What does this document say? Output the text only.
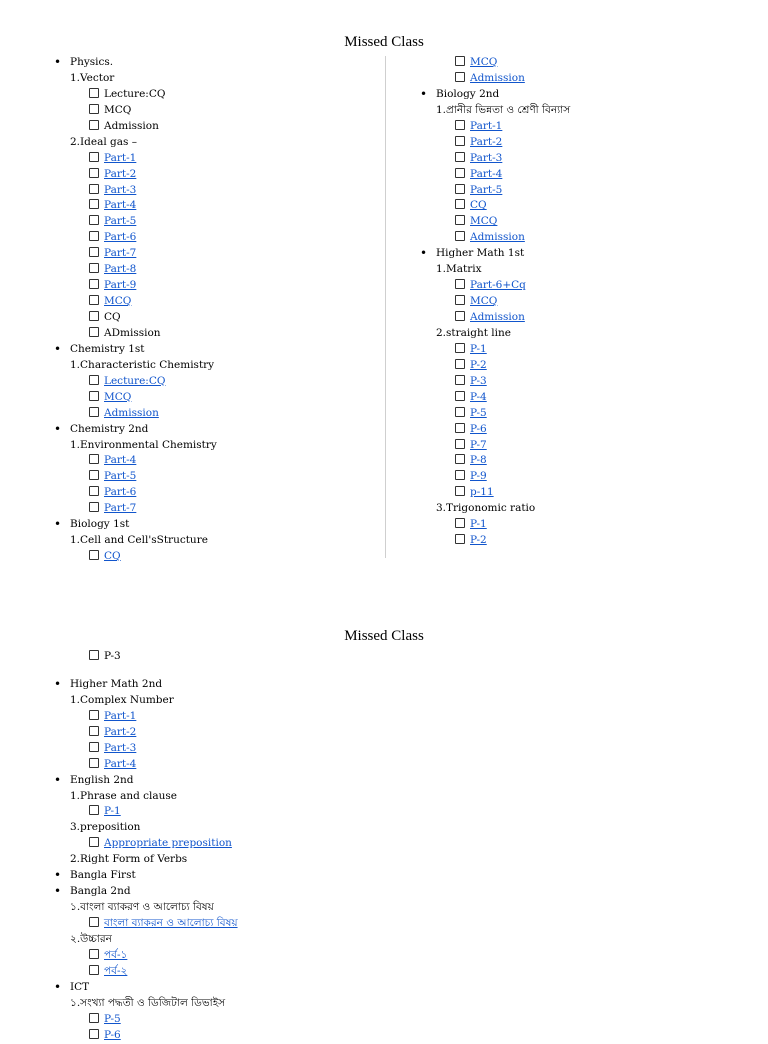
Missed Class
• Physics.
1.Vector
Lecture:CQ
MCQ
Admission
2.Ideal gas –
Part-1
Part-2
Part-3
Part-4
Part-5
Part-6
Part-7
Part-8
Part-9
MCQ
CQ
ADmission
• Chemistry 1st
1.Characteristic Chemistry
Lecture:CQ
MCQ
Admission
• Chemistry 2nd
1.Environmental Chemistry
Part-4
Part-5
Part-6
Part-7
• Biology 1st
1.Cell and Cell'sStructure
CQ
MCQ
Admission
• Biology 2nd
1.প্রানীর ভিন্নতা ও শ্রেণী বিন্যাস
Part-1
Part-2
Part-3
Part-4
Part-5
CQ
MCQ
Admission
• Higher Math 1st
1.Matrix
Part-6+Cq
MCQ
Admission
2.straight line
P-1
P-2
P-3
P-4
P-5
P-6
P-7
P-8
P-9
p-11
3.Trigonomic ratio
P-1
P-2
Missed Class
P-3
• Higher Math 2nd
1.Complex Number
Part-1
Part-2
Part-3
Part-4
• English 2nd
1.Phrase and clause
P-1
3.preposition
Appropriate preposition
2.Right Form of Verbs
• Bangla First
• Bangla 2nd
১.বাংলা ব্যাকরণ ও আলোচ্য বিষয়
বাংলা ব্যাকরন ও আলোচ্য বিষয়
২.উচ্চারন
পর্ব-১
পর্ব-২
• ICT
১.সংখ্যা পদ্ধতী ও ডিজিটাল ডিভাইস
P-5
P-6
